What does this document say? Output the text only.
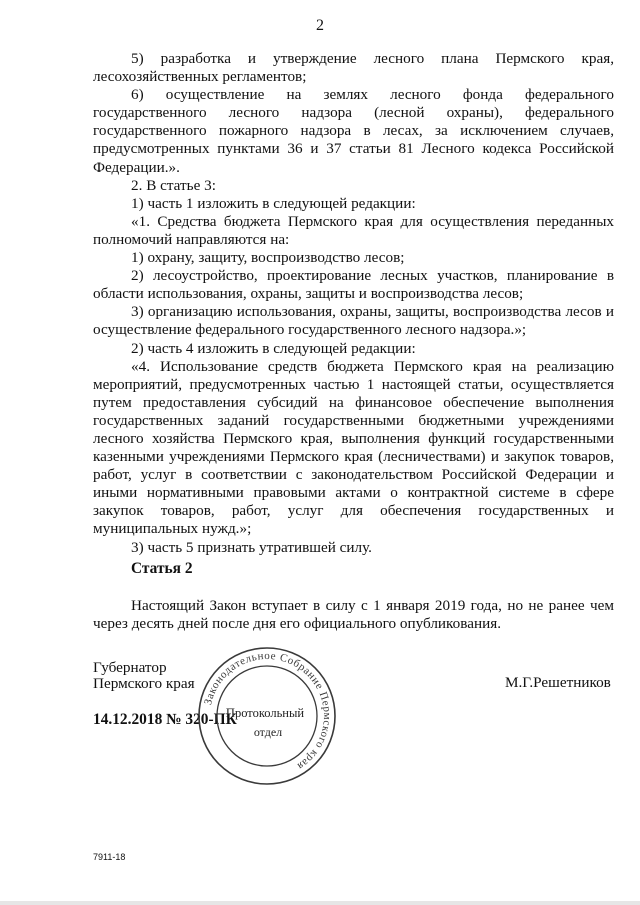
2

5) разработка и утверждение лесного плана Пермского края, лесохозяйственных регламентов;

6) осуществление на землях лесного фонда федерального государственного лесного надзора (лесной охраны), федерального государственного пожарного надзора в лесах, за исключением случаев, предусмотренных пунктами 36 и 37 статьи 81 Лесного кодекса Российской Федерации.».

2. В статье 3:

1) часть 1 изложить в следующей редакции:

«1. Средства бюджета Пермского края для осуществления переданных полномочий направляются на:

1) охрану, защиту, воспроизводство лесов;

2) лесоустройство, проектирование лесных участков, планирование в области использования, охраны, защиты и воспроизводства лесов;

3) организацию использования, охраны, защиты, воспроизводства лесов и осуществление федерального государственного лесного надзора.»;

2) часть 4 изложить в следующей редакции:

«4. Использование средств бюджета Пермского края на реализацию мероприятий, предусмотренных частью 1 настоящей статьи, осуществляется путем предоставления субсидий на финансовое обеспечение выполнения государственных заданий государственными бюджетными учреждениями лесного хозяйства Пермского края, выполнения функций государственными казенными учреждениями Пермского края (лесничествами) и закупок товаров, работ, услуг в соответствии с законодательством Российской Федерации и иными нормативными правовыми актами о контрактной системе в сфере закупок товаров, работ, услуг для обеспечения государственных и муниципальных нужд.»;

3) часть 5 признать утратившей силу.

Статья 2

Настоящий Закон вступает в силу с 1 января 2019 года, но не ранее чем через десять дней после дня его официального опубликования.

Губернатор
Пермского края	М.Г.Решетников
14.12.2018 № 320-ПК
Законодательное Собрание Пермского края
Протокольный
отдел
7911-18
